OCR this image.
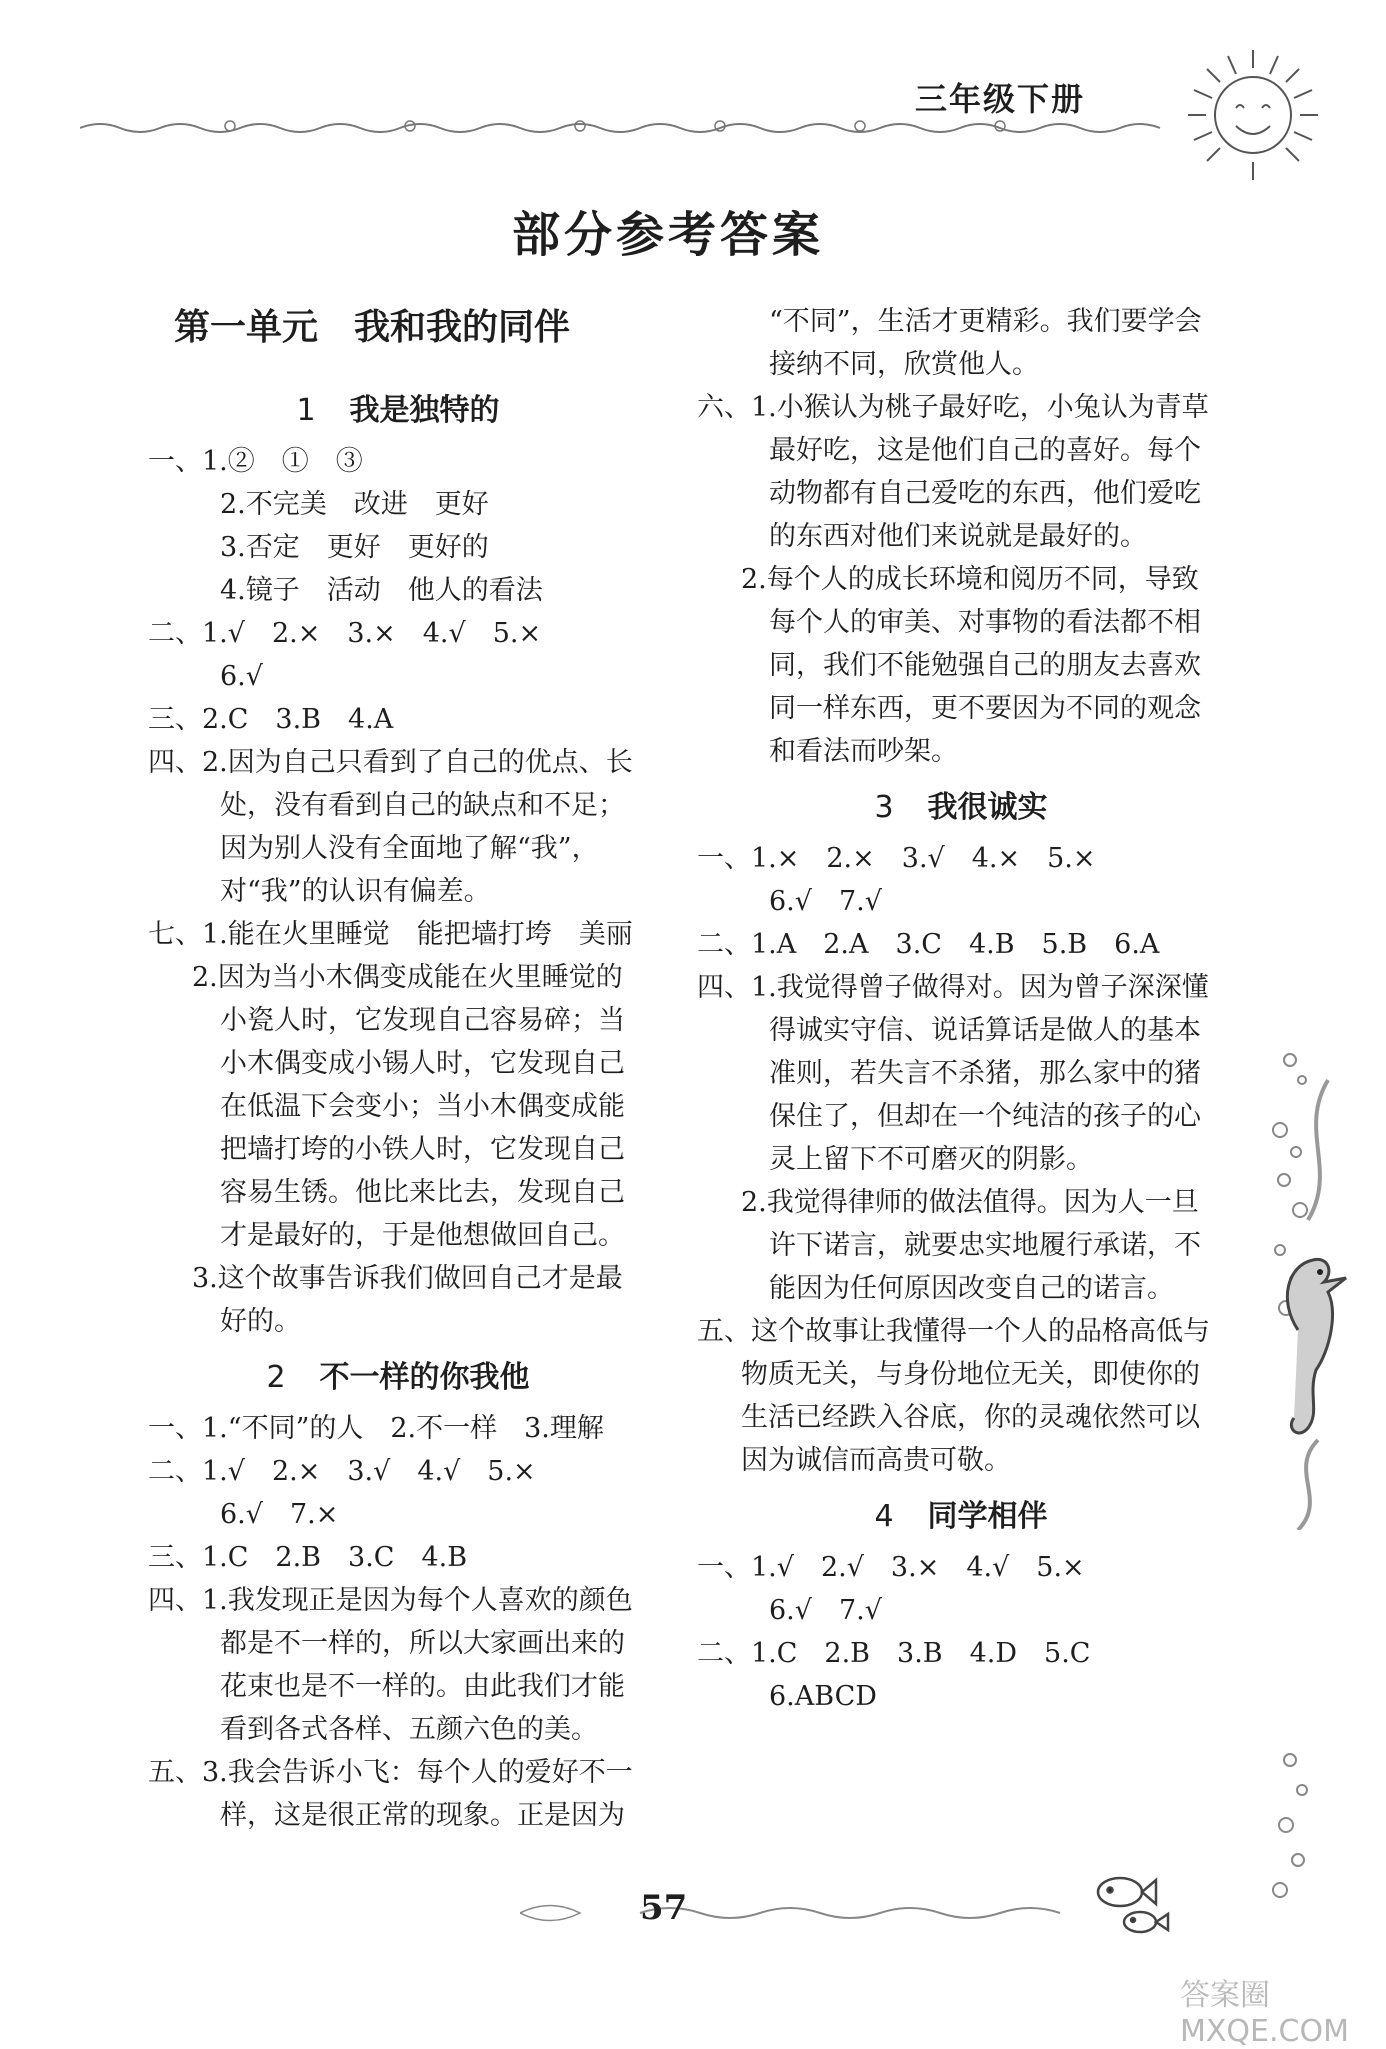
三年级下册
部分参考答案
第一单元　我和我的同伴
1 我是独特的
一、1.②　①　③
2.不完美　改进　更好
3.否定　更好　更好的
4.镜子　活动　他人的看法
二、1.√　2.×　3.×　4.√　5.×
6.√
三、2.C　3.B　4.A
四、2.因为自己只看到了自己的优点、长处，没有看到自己的缺点和不足；因为别人没有全面地了解“我”，对“我”的认识有偏差。
七、1.能在火里睡觉　能把墙打垮　美丽
2.因为当小木偶变成能在火里睡觉的小瓷人时，它发现自己容易碎；当小木偶变成小锡人时，它发现自己在低温下会变小；当小木偶变成能把墙打垮的小铁人时，它发现自己容易生锈。他比来比去，发现自己才是最好的，于是他想做回自己。
3.这个故事告诉我们做回自己才是最好的。
2 不一样的你我他
一、1.“不同”的人　2.不一样　3.理解
二、1.√　2.×　3.√　4.√　5.×
6.√　7.×
三、1.C　2.B　3.C　4.B
四、1.我发现正是因为每个人喜欢的颜色都是不一样的，所以大家画出来的花束也是不一样的。由此我们才能看到各式各样、五颜六色的美。
五、3.我会告诉小飞：每个人的爱好不一样，这是很正常的现象。正是因为
“不同”，生活才更精彩。我们要学会接纳不同，欣赏他人。
六、1.小猴认为桃子最好吃，小兔认为青草最好吃，这是他们自己的喜好。每个动物都有自己爱吃的东西，他们爱吃的东西对他们来说就是最好的。
2.每个人的成长环境和阅历不同，导致每个人的审美、对事物的看法都不相同，我们不能勉强自己的朋友去喜欢同一样东西，更不要因为不同的观念和看法而吵架。
3 我很诚实
一、1.×　2.×　3.√　4.×　5.×
6.√　7.√
二、1.A　2.A　3.C　4.B　5.B　6.A
四、1.我觉得曾子做得对。因为曾子深深懂得诚实守信、说话算话是做人的基本准则，若失言不杀猪，那么家中的猪保住了，但却在一个纯洁的孩子的心灵上留下不可磨灭的阴影。
2.我觉得律师的做法值得。因为人一旦许下诺言，就要忠实地履行承诺，不能因为任何原因改变自己的诺言。
五、这个故事让我懂得一个人的品格高低与物质无关，与身份地位无关，即使你的生活已经跌入谷底，你的灵魂依然可以因为诚信而高贵可敬。
4 同学相伴
一、1.√　2.√　3.×　4.√　5.×
6.√　7.√
二、1.C　2.B　3.B　4.D　5.C
6.ABCD
57
答案圈 MXQE.COM
